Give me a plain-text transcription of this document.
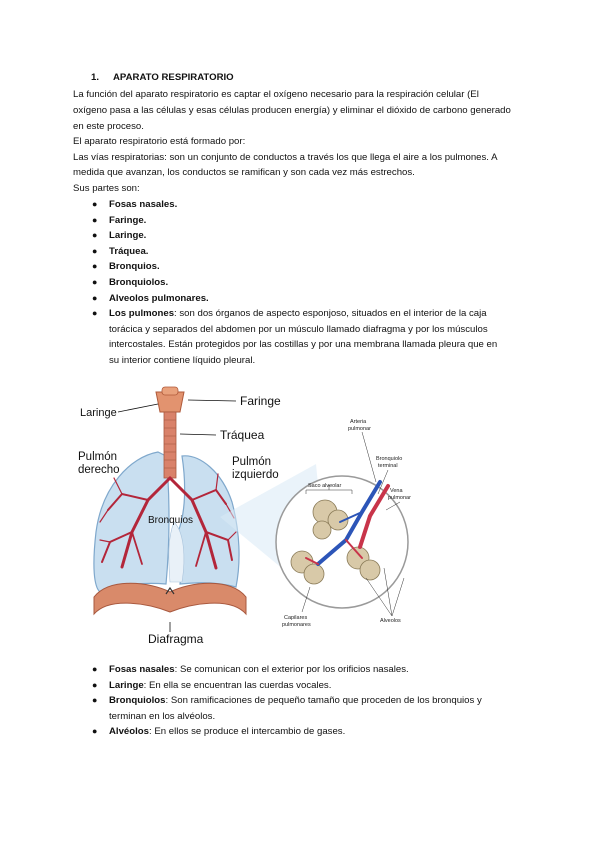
1. APARATO RESPIRATORIO
La función del aparato respiratorio es captar el oxígeno necesario para la respiración celular (El
oxígeno pasa a las células y esas células producen energía) y eliminar el dióxido de carbono generado
en este proceso.
El aparato respiratorio está formado por:
Las vías respiratorias: son un conjunto de conductos a través los que llega el aire a los pulmones. A
medida que avanzan, los conductos se ramifican y son cada vez más estrechos.
Sus partes son:
● Fosas nasales.
● Faringe.
● Laringe.
● Tráquea.
● Bronquios.
● Bronquiolos.
● Alveolos pulmonares.
● Los pulmones: son dos órganos de aspecto esponjoso, situados en el interior de la caja
torácica y separados del abdomen por un músculo llamado diafragma y por los músculos
intercostales. Están protegidos por las costillas y por una membrana llamada pleura que en
su interior contiene líquido pleural.
Laringe
Faringe
Tráquea
Pulmón
derecho
Pulmón
izquierdo
Bronquios
Diafragma
Arteria
pulmonar
Saco alveolar
Bronquiolo
terminal
Vena
pulmonar
Capilares
pulmonares
Alveolos
● Fosas nasales: Se comunican con el exterior por los orificios nasales.
● Laringe: En ella se encuentran las cuerdas vocales.
● Bronquiolos: Son ramificaciones de pequeño tamaño que proceden de los bronquios y
terminan en los alvéolos.
● Alvéolos: En ellos se produce el intercambio de gases.
